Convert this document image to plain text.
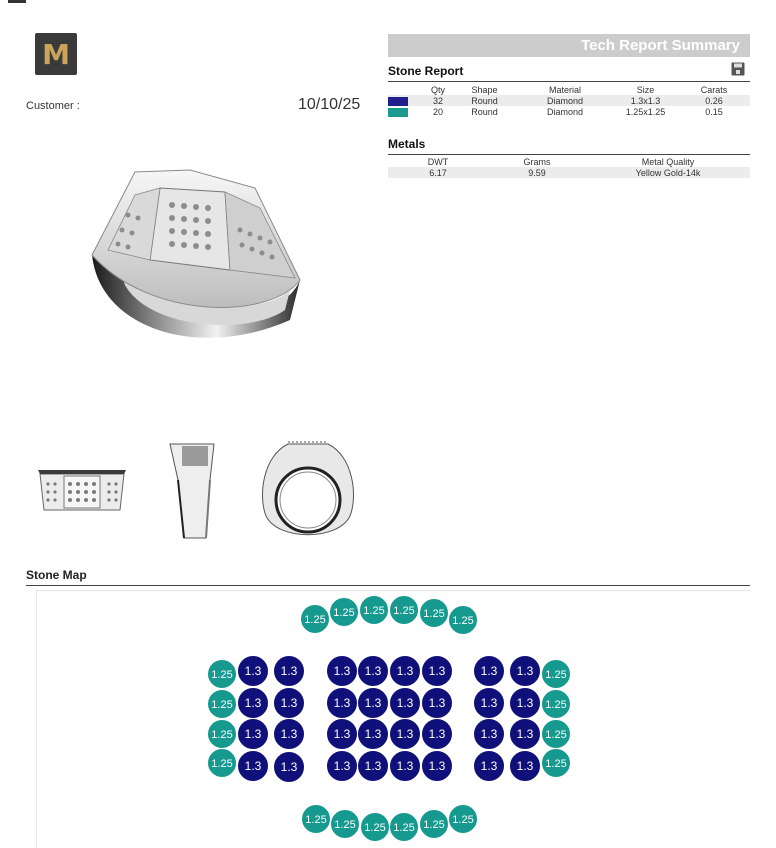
M
Customer :	10/10/25
Tech Report Summary
Stone Report
	Qty	Shape	Material	Size	Carats
	32	Round	Diamond	1.3x1.3	0.26
	20	Round	Diamond	1.25x1.25	0.15
Metals
DWT	Grams	Metal Quality
6.17	9.59	Yellow Gold-14k
Stone Map
1.25
1.25 1.25 1.25 1.25
1.25
1.25 1.3 1.3	1.3 1.3 1.3 1.3	1.3 1.3 1.25
1.25 1.3 1.3	1.3 1.3 1.3 1.3	1.3 1.3 1.25
1.25 1.3 1.3	1.3 1.3 1.3 1.3	1.3 1.3 1.25
1.25 1.3 1.3	1.3 1.3 1.3 1.3	1.3 1.3 1.25
1.25 1.25 1.25 1.25 1.25 1.25
